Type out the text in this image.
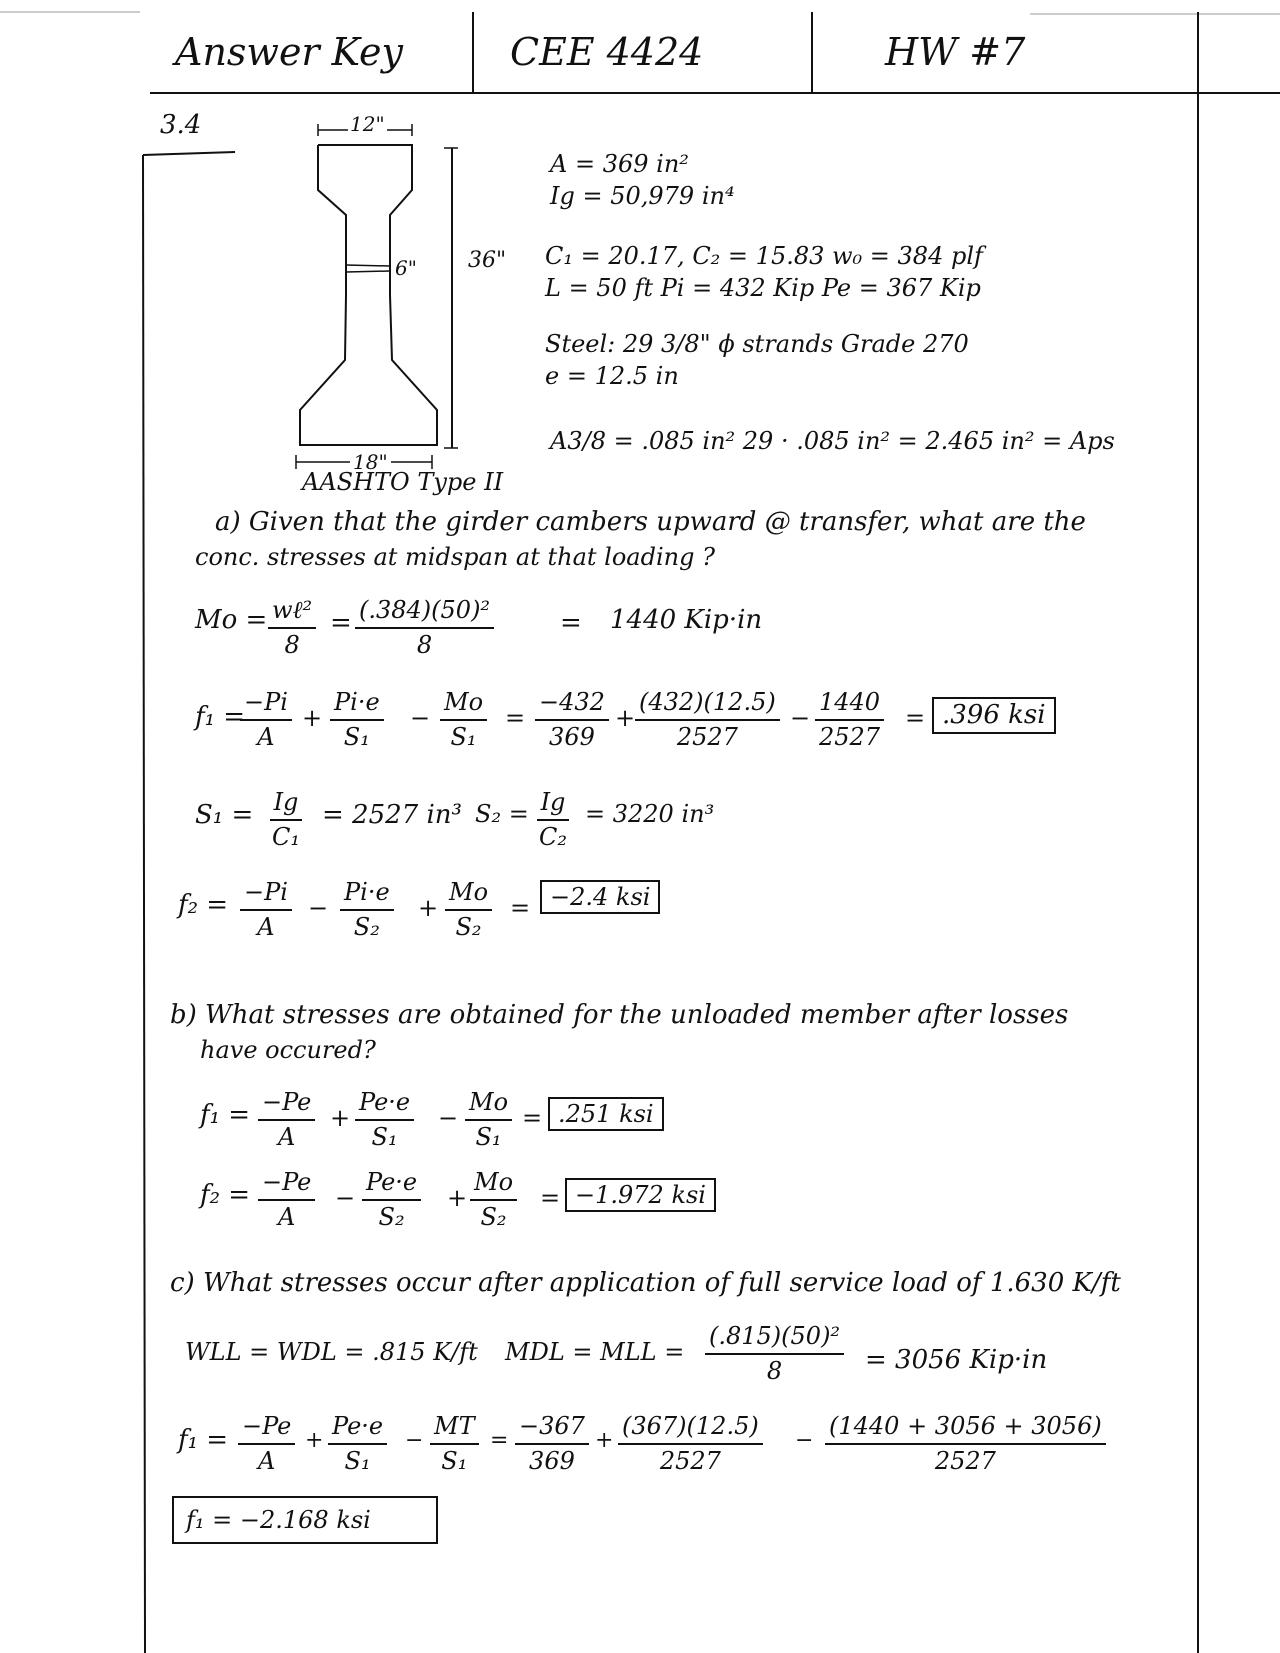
Answer Key	CEE 4424	HW #7
3.4	12"
6" 36"
18"
AASHTO Type II
A = 369 in²
Ig = 50,979 in⁴
C₁ = 20.17, C₂ = 15.83 w₀ = 384 plf
L = 50 ft Pi = 432 Kip Pe = 367 Kip
Steel: 29 3/8" ϕ strands Grade 270
e = 12.5 in
A3/8 = .085 in² 29 · .085 in² = 2.465 in² = Aps
a) Given that the girder cambers upward @ transfer, what are the
conc. stresses at midspan at that loading ?
Mo = wℓ²
8
= $\frac{\text{(.384)(50)²}}{8}$	= 1440 Kip·in
f₁ =
$\frac{-Pi}{A} + \frac{Pi\cdot e}{\text{S₁}} - \frac{Mo}{\text{S₁}} = \frac{-432}{369} + \frac{(432)(12.5)}{2527} - \frac{1440}{2527} = .396$ ksi
$S_1 = \frac{Ig}{\text{C₁}} = 2527$ in³ $S_2 = \frac{Ig}{\text{C₂}} = 3220$ in³
$f_2 = \frac{-Pi}{A} - \frac{Pi\cdot e}{\text{S₂}} + \frac{Mo}{\text{S₂}} = -2.4$ ksi
b) What stresses are obtained for the unloaded member after losses
have occured?
$f_1 = \frac{-Pe}{A} + \frac{Pe\cdot e}{\text{S₁}} - \frac{Mo}{\text{S₁}} = .251$ ksi
$f_2 = \frac{-Pe}{A} - \frac{Pe\cdot e}{\text{S₂}} + \frac{Mo}{\text{S₂}} = -1.972$ ksi
c) What stresses occur after application of full service load of 1.630 K/ft
WLL = WDL = .815 K/ft MDL = MLL = $\frac{\text{(.815)(50)²}}{8} = 3056$ Kip·in
$f_1 = \frac{-Pe}{A} + \frac{Pe\cdot e}{\text{S₁}} - \frac{MT}{\text{S₁}} = \frac{-367}{369} + \frac{(367)(12.5)}{2527} - \frac{(1440 + 3056 + 3056)}{2527}$
f₁ = −2.168 ksi
